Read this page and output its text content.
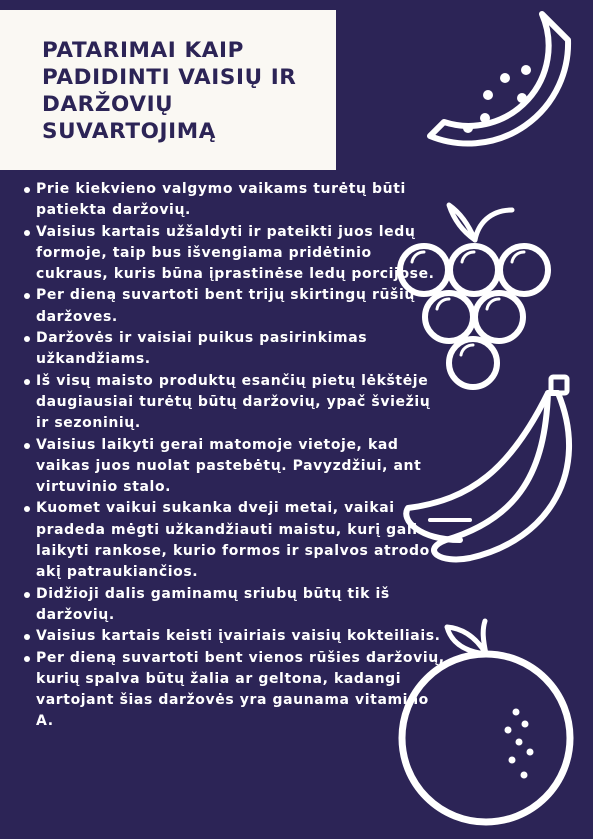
PATARIMAI KAIP PADIDINTI VAISIŲ IR DARŽOVIŲ SUVARTOJIMĄ
Prie kiekvieno valgymo vaikams turėtų būti patiekta daržovių.
Vaisius kartais užšaldyti ir pateikti juos ledų formoje, taip bus išvengiama pridėtinio cukraus, kuris būna įprastinėse ledų porcijose.
Per dieną suvartoti bent trijų skirtingų rūšių daržoves.
Daržovės ir vaisiai puikus pasirinkimas užkandžiams.
Iš visų maisto produktų esančių pietų lėkštėje daugiausiai turėtų būtų daržovių, ypač šviežių ir sezoninių.
Vaisius laikyti gerai matomoje vietoje, kad vaikas juos nuolat pastebėtų. Pavyzdžiui, ant virtuvinio stalo.
Kuomet vaikui sukanka dveji metai, vaikai pradeda mėgti užkandžiauti maistu, kurį gali laikyti rankose, kurio formos ir spalvos atrodo akį patraukiančios.
Didžioji dalis gaminamų sriubų būtų tik iš daržovių.
Vaisius kartais keisti įvairiais vaisių kokteiliais.
Per dieną suvartoti bent vienos rūšies daržovių, kurių spalva būtų žalia ar geltona, kadangi vartojant šias daržovės yra gaunama vitamino A.
